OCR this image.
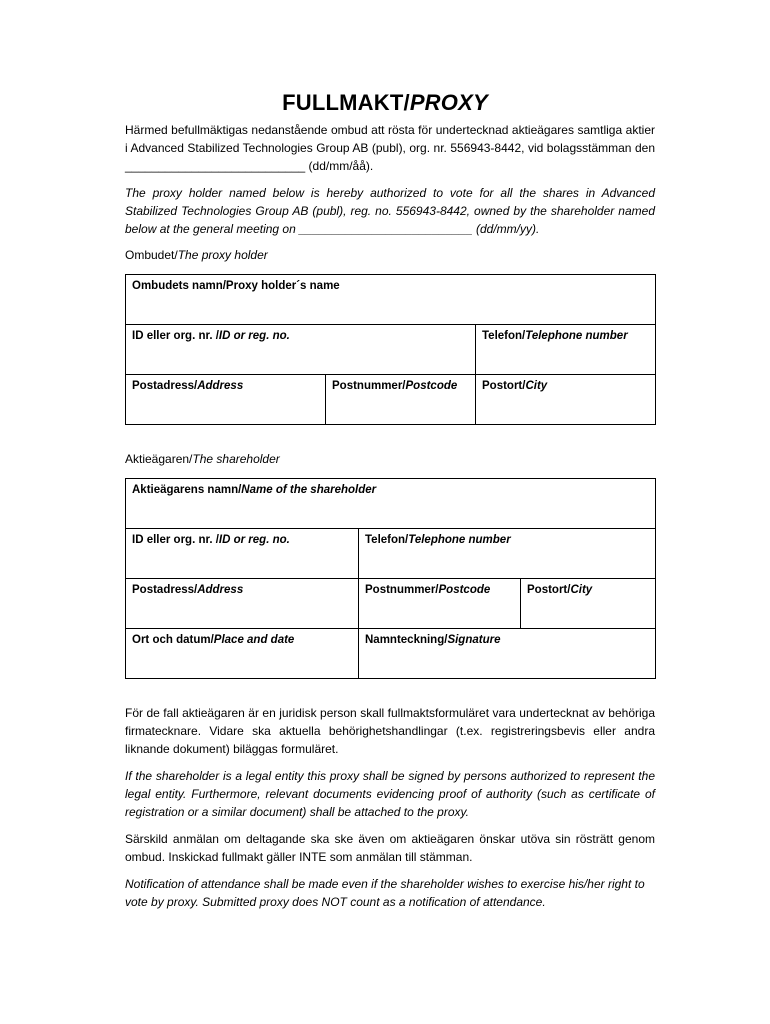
FULLMAKT/PROXY
Härmed befullmäktigas nedanstående ombud att rösta för undertecknad aktieägares samtliga aktier i Advanced Stabilized Technologies Group AB (publ), org. nr. 556943-8442, vid bolagsstämman den ___________________________ (dd/mm/åå).
The proxy holder named below is hereby authorized to vote for all the shares in Advanced Stabilized Technologies Group AB (publ), reg. no. 556943-8442, owned by the shareholder named below at the general meeting on __________________________ (dd/mm/yy).
Ombudet/The proxy holder
Ombudets namn/Proxy holder´s name		
ID eller org. nr. /ID or reg. no.		Telefon/Telephone number
Postadress/Address	Postnummer/Postcode	Postort/City
Aktieägaren/The shareholder
Aktieägarens namn/Name of the shareholder		
ID eller org. nr. /ID or reg. no.	Telefon/Telephone number	
Postadress/Address	Postnummer/Postcode	Postort/City
Ort och datum/Place and date	Namnteckning/Signature	
För de fall aktieägaren är en juridisk person skall fullmaktsformuläret vara undertecknat av behöriga firmatecknare. Vidare ska aktuella behörighetshandlingar (t.ex. registreringsbevis eller andra liknande dokument) biläggas formuläret.
If the shareholder is a legal entity this proxy shall be signed by persons authorized to represent the legal entity. Furthermore, relevant documents evidencing proof of authority (such as certificate of registration or a similar document) shall be attached to the proxy.
Särskild anmälan om deltagande ska ske även om aktieägaren önskar utöva sin rösträtt genom ombud. Inskickad fullmakt gäller INTE som anmälan till stämman.
Notification of attendance shall be made even if the shareholder wishes to exercise his/her right to vote by proxy. Submitted proxy does NOT count as a notification of attendance.
